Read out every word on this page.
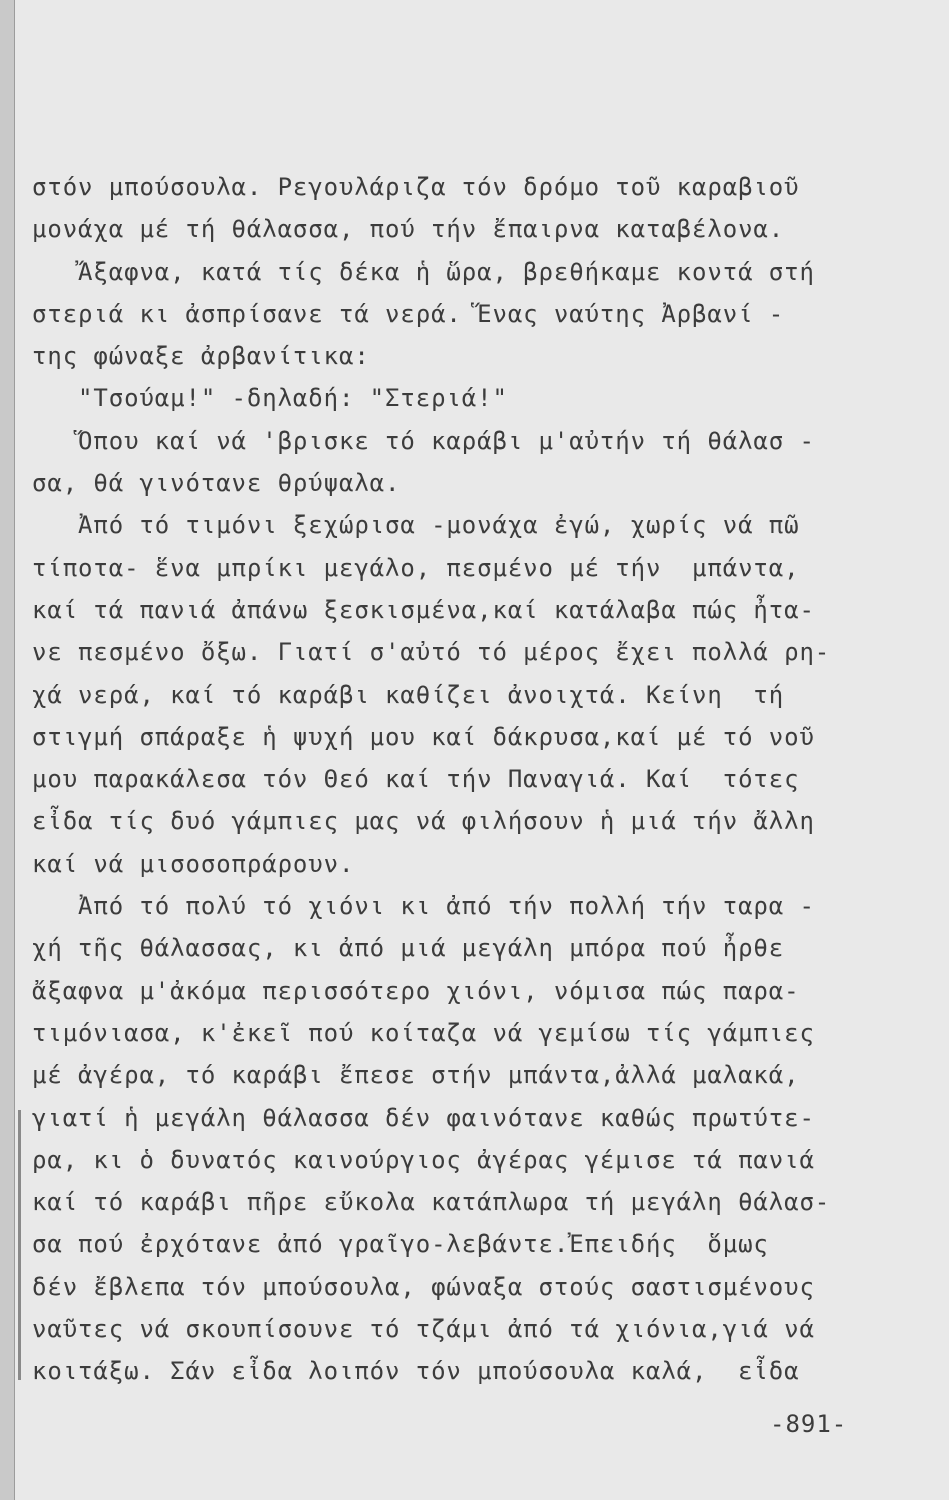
στόν μπούσουλα. Ρεγουλάριζα τόν δρόμο τοῦ καραβιοῦ
μονάχα μέ τή θάλασσα, πού τήν ἔπαιρνα καταβέλονα.
Ἄξαφνα, κατά τίς δέκα ἡ ὥρα, βρεθήκαμε κοντά στή
στεριά κι ἀσπρίσανε τά νερά. Ἕνας ναύτης Ἀρβανί -
της φώναξε ἀρβανίτικα:
"Τσούαμ!" -δηλαδή: "Στεριά!"
Ὅπου καί νά 'βρισκε τό καράβι μ'αὐτήν τή θάλασ -
σα, θά γινότανε θρύψαλα.
Ἀπό τό τιμόνι ξεχώρισα -μονάχα ἐγώ, χωρίς νά πῶ
τίποτα- ἕνα μπρίκι μεγάλο, πεσμένο μέ τήν  μπάντα,
καί τά πανιά ἀπάνω ξεσκισμένα,καί κατάλαβα πώς ἦτα-
νε πεσμένο ὄξω. Γιατί σ'αὐτό τό μέρος ἔχει πολλά ρη-
χά νερά, καί τό καράβι καθίζει ἀνοιχτά. Κείνη  τή
στιγμή σπάραξε ἡ ψυχή μου καί δάκρυσα,καί μέ τό νοῦ
μου παρακάλεσα τόν Θεό καί τήν Παναγιά. Καί  τότες
εἶδα τίς δυό γάμπιες μας νά φιλήσουν ἡ μιά τήν ἄλλη
καί νά μισοσοπράρουν.
Ἀπό τό πολύ τό χιόνι κι ἀπό τήν πολλή τήν ταρα -
χή τῆς θάλασσας, κι ἀπό μιά μεγάλη μπόρα πού ἦρθε
ἄξαφνα μ'ἀκόμα περισσότερο χιόνι, νόμισα πώς παρα-
τιμόνιασα, κ'ἐκεῖ πού κοίταζα νά γεμίσω τίς γάμπιες
μέ ἀγέρα, τό καράβι ἔπεσε στήν μπάντα,ἀλλά μαλακά,
γιατί ἡ μεγάλη θάλασσα δέν φαινότανε καθώς πρωτύτε-
ρα, κι ὁ δυνατός καινούργιος ἀγέρας γέμισε τά πανιά
καί τό καράβι πῆρε εὔκολα κατάπλωρα τή μεγάλη θάλασ-
σα πού ἐρχότανε ἀπό γραῖγο-λεβάντε.Ἐπειδής  ὅμως
δέν ἔβλεπα τόν μπούσουλα, φώναξα στούς σαστισμένους
ναῦτες νά σκουπίσουνε τό τζάμι ἀπό τά χιόνια,γιά νά
κοιτάξω. Σάν εἶδα λοιπόν τόν μπούσουλα καλά,  εἶδα
-891-
